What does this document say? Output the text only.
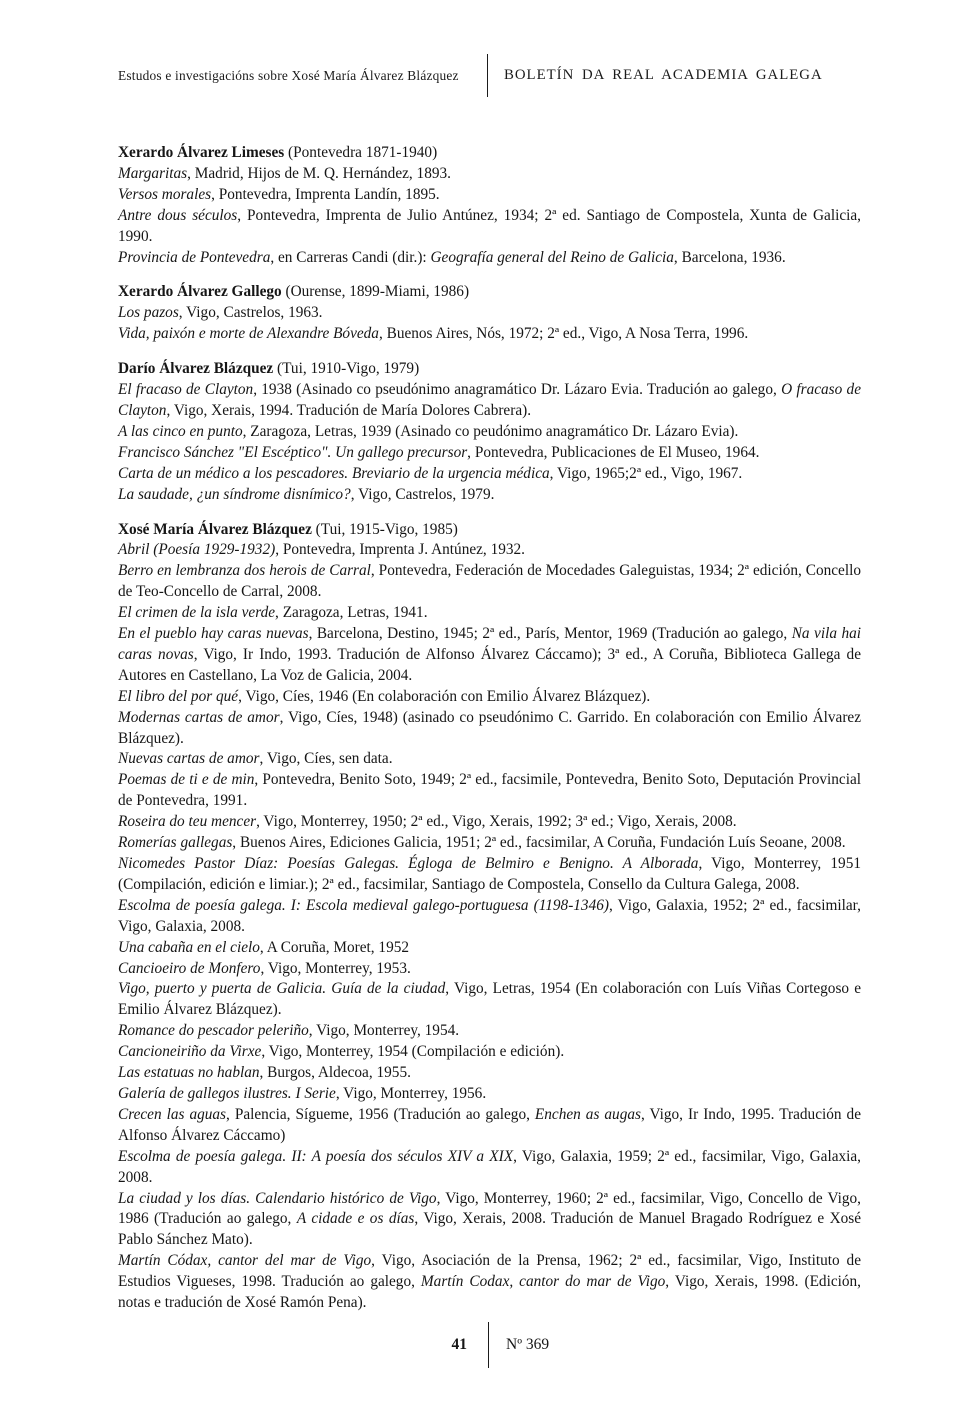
Estudos e investigacións sobre Xosé María Álvarez Blázquez	BOLETÍN DA REAL ACADEMIA GALEGA

Xerardo Álvarez Limeses (Pontevedra 1871-1940)

Margaritas, Madrid, Hijos de M. Q. Hernández, 1893.

Versos morales, Pontevedra, Imprenta Landín, 1895.

Antre dous séculos, Pontevedra, Imprenta de Julio Antúnez, 1934; 2ª ed. Santiago de Compostela, Xunta de Galicia, 1990.

Provincia de Pontevedra, en Carreras Candi (dir.): Geografía general del Reino de Galicia, Barcelona, 1936.

Xerardo Álvarez Gallego (Ourense, 1899-Miami, 1986)

Los pazos, Vigo, Castrelos, 1963.

Vida, paixón e morte de Alexandre Bóveda, Buenos Aires, Nós, 1972; 2ª ed., Vigo, A Nosa Terra, 1996.

Darío Álvarez Blázquez (Tui, 1910-Vigo, 1979)

El fracaso de Clayton, 1938 (Asinado co pseudónimo anagramático Dr. Lázaro Evia. Tradución ao galego, O fracaso de Clayton, Vigo, Xerais, 1994. Tradución de María Dolores Cabrera).

A las cinco en punto, Zaragoza, Letras, 1939 (Asinado co peudónimo anagramático Dr. Lázaro Evia).

Francisco Sánchez "El Escéptico". Un gallego precursor, Pontevedra, Publicaciones de El Museo, 1964.

Carta de un médico a los pescadores. Breviario de la urgencia médica, Vigo, 1965;2ª ed., Vigo, 1967.

La saudade, ¿un síndrome disnímico?, Vigo, Castrelos, 1979.

Xosé María Álvarez Blázquez (Tui, 1915-Vigo, 1985)

Abril (Poesía 1929-1932), Pontevedra, Imprenta J. Antúnez, 1932.

Berro en lembranza dos herois de Carral, Pontevedra, Federación de Mocedades Galeguistas, 1934; 2ª edición, Concello de Teo-Concello de Carral, 2008.

El crimen de la isla verde, Zaragoza, Letras, 1941.

En el pueblo hay caras nuevas, Barcelona, Destino, 1945; 2ª ed., París, Mentor, 1969 (Tradución ao galego, Na vila hai caras novas, Vigo, Ir Indo, 1993. Tradución de Alfonso Álvarez Cáccamo); 3ª ed., A Coruña, Biblioteca Gallega de Autores en Castellano, La Voz de Galicia, 2004.

El libro del por qué, Vigo, Cíes, 1946 (En colaboración con Emilio Álvarez Blázquez).

Modernas cartas de amor, Vigo, Cíes, 1948) (asinado co pseudónimo C. Garrido. En colaboración con Emilio Álvarez Blázquez).

Nuevas cartas de amor, Vigo, Cíes, sen data.

Poemas de ti e de min, Pontevedra, Benito Soto, 1949; 2ª ed., facsimile, Pontevedra, Benito Soto, Deputación Provincial de Pontevedra, 1991.

Roseira do teu mencer, Vigo, Monterrey, 1950; 2ª ed., Vigo, Xerais, 1992; 3ª ed.; Vigo, Xerais, 2008.

Romerías gallegas, Buenos Aires, Ediciones Galicia, 1951; 2ª ed., facsimilar, A Coruña, Fundación Luís Seoane, 2008.

Nicomedes Pastor Díaz: Poesías Galegas. Égloga de Belmiro e Benigno. A Alborada, Vigo, Monterrey, 1951 (Compilación, edición e limiar.); 2ª ed., facsimilar, Santiago de Compostela, Consello da Cultura Galega, 2008.

Escolma de poesía galega. I: Escola medieval galego-portuguesa (1198-1346), Vigo, Galaxia, 1952; 2ª ed., facsimilar, Vigo, Galaxia, 2008.

Una cabaña en el cielo, A Coruña, Moret, 1952

Cancioeiro de Monfero, Vigo, Monterrey, 1953.

Vigo, puerto y puerta de Galicia. Guía de la ciudad, Vigo, Letras, 1954 (En colaboración con Luís Viñas Cortegoso e Emilio Álvarez Blázquez).

Romance do pescador peleriño, Vigo, Monterrey, 1954.

Cancioneiriño da Virxe, Vigo, Monterrey, 1954 (Compilación e edición).

Las estatuas no hablan, Burgos, Aldecoa, 1955.

Galería de gallegos ilustres. I Serie, Vigo, Monterrey, 1956.

Crecen las aguas, Palencia, Sígueme, 1956 (Tradución ao galego, Enchen as augas, Vigo, Ir Indo, 1995. Tradución de Alfonso Álvarez Cáccamo)

Escolma de poesía galega. II: A poesía dos séculos XIV a XIX, Vigo, Galaxia, 1959; 2ª ed., facsimilar, Vigo, Galaxia, 2008.

La ciudad y los días. Calendario histórico de Vigo, Vigo, Monterrey, 1960; 2ª ed., facsimilar, Vigo, Concello de Vigo, 1986 (Tradución ao galego, A cidade e os días, Vigo, Xerais, 2008. Tradución de Manuel Bragado Rodríguez e Xosé Pablo Sánchez Mato).

Martín Códax, cantor del mar de Vigo, Vigo, Asociación de la Prensa, 1962; 2ª ed., facsimilar, Vigo, Instituto de Estudios Vigueses, 1998. Tradución ao galego, Martín Codax, cantor do mar de Vigo, Vigo, Xerais, 1998. (Edición, notas e tradución de Xosé Ramón Pena).

41	Nº 369
